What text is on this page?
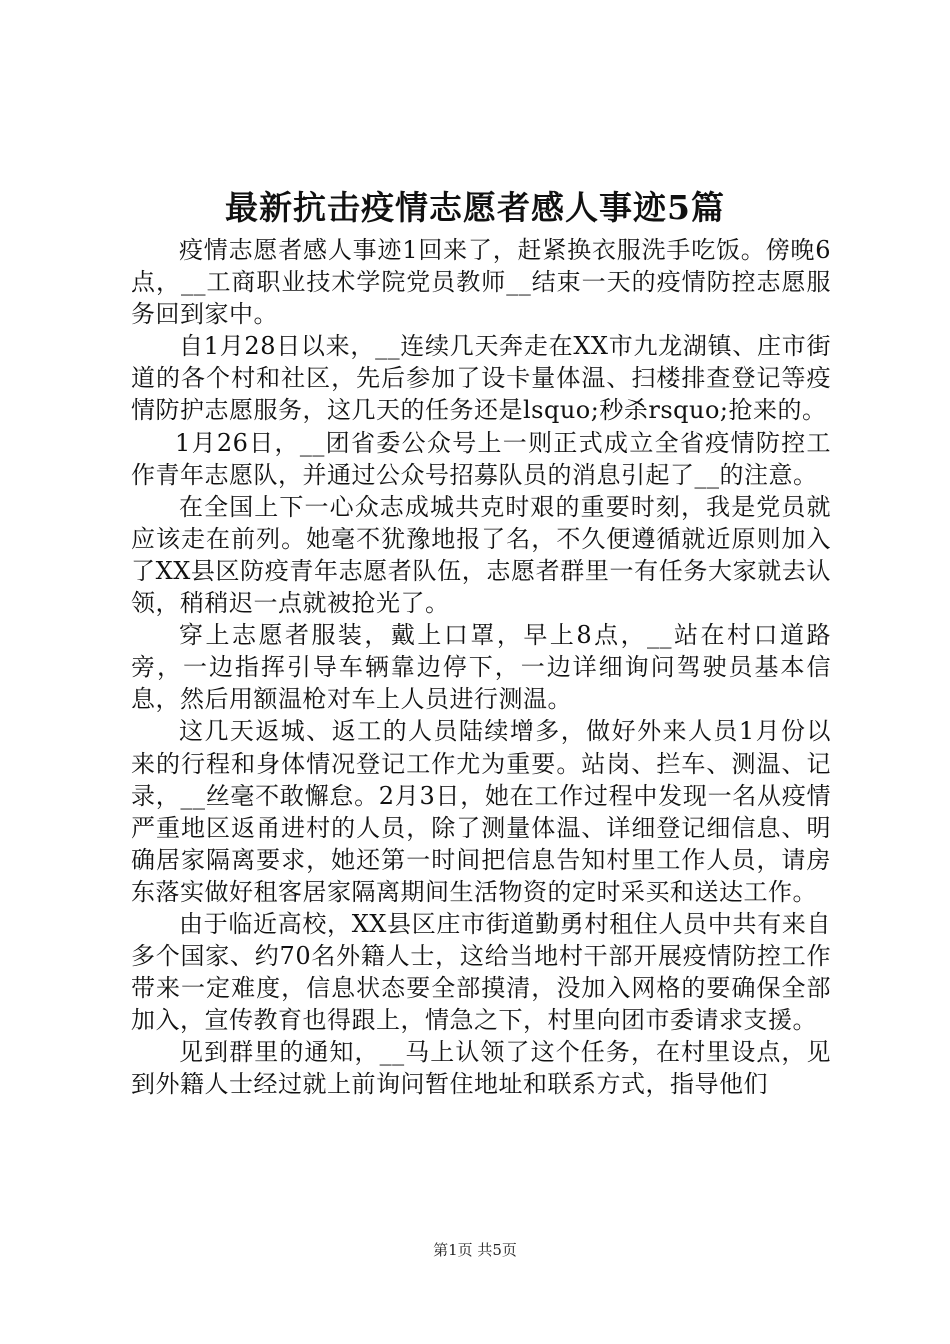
最新抗击疫情志愿者感人事迹5篇

疫情志愿者感人事迹1回来了，赶紧换衣服洗手吃饭。傍晚6点，__工商职业技术学院党员教师__结束一天的疫情防控志愿服务回到家中。

自1月28日以来，__连续几天奔走在XX市九龙湖镇、庄市街道的各个村和社区，先后参加了设卡量体温、扫楼排查登记等疫情防护志愿服务，这几天的任务还是lsquo;秒杀rsquo;抢来的。

1月26日，__团省委公众号上一则正式成立全省疫情防控工作青年志愿队，并通过公众号招募队员的消息引起了__的注意。

在全国上下一心众志成城共克时艰的重要时刻，我是党员就应该走在前列。她毫不犹豫地报了名，不久便遵循就近原则加入了XX县区防疫青年志愿者队伍，志愿者群里一有任务大家就去认领，稍稍迟一点就被抢光了。

穿上志愿者服装，戴上口罩，早上8点，__站在村口道路旁，一边指挥引导车辆靠边停下，一边详细询问驾驶员基本信息，然后用额温枪对车上人员进行测温。

这几天返城、返工的人员陆续增多，做好外来人员1月份以来的行程和身体情况登记工作尤为重要。站岗、拦车、测温、记录，__丝毫不敢懈怠。2月3日，她在工作过程中发现一名从疫情严重地区返甬进村的人员，除了测量体温、详细登记细信息、明确居家隔离要求，她还第一时间把信息告知村里工作人员，请房东落实做好租客居家隔离期间生活物资的定时采买和送达工作。

由于临近高校，XX县区庄市街道勤勇村租住人员中共有来自多个国家、约70名外籍人士，这给当地村干部开展疫情防控工作带来一定难度，信息状态要全部摸清，没加入网格的要确保全部加入，宣传教育也得跟上，情急之下，村里向团市委请求支援。

见到群里的通知，__马上认领了这个任务，在村里设点，见到外籍人士经过就上前询问暂住地址和联系方式，指导他们

第1页 共5页
